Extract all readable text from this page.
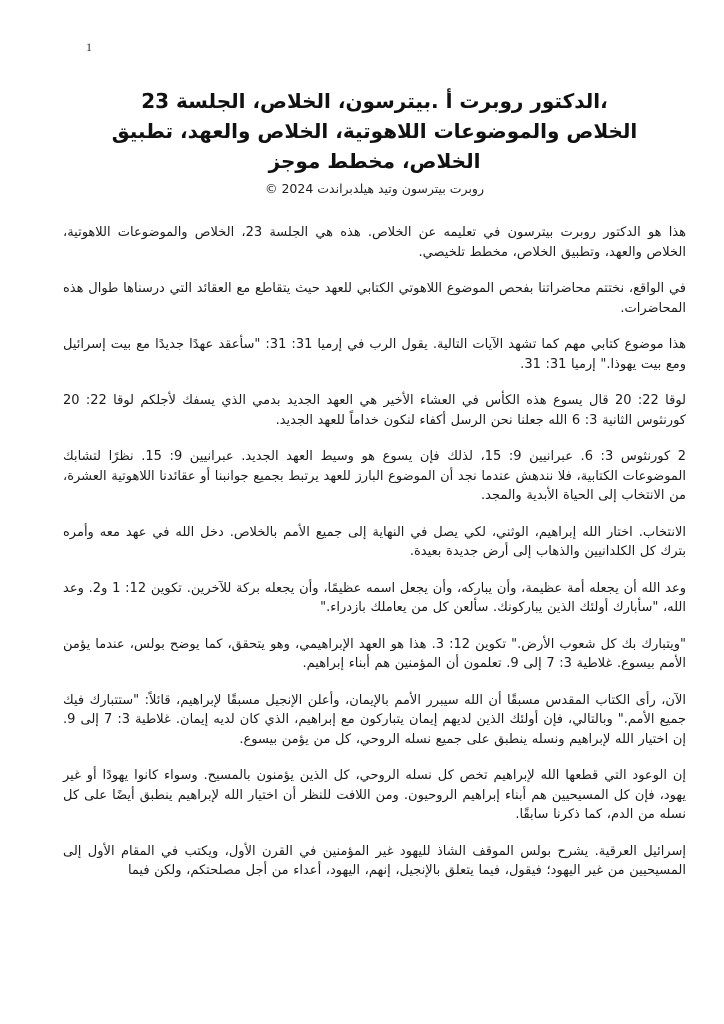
1
،الدكتور روبرت أ .بيترسون، الخلاص، الجلسة 23
الخلاص والموضوعات اللاهوتية، الخلاص والعهد، تطبيق
الخلاص، مخطط موجز
روبرت بيترسون وتيد هيلدبراندت 2024 ©

هذا هو الدكتور روبرت بيترسون في تعليمه عن الخلاص. هذه هي الجلسة 23، الخلاص والموضوعات اللاهوتية، الخلاص والعهد، وتطبيق الخلاص، مخطط تلخيصي.

في الواقع، نختتم محاضراتنا بفحص الموضوع اللاهوتي الكتابي للعهد حيث يتقاطع مع العقائد التي درسناها طوال هذه المحاضرات.

هذا موضوع كتابي مهم كما تشهد الآيات التالية. يقول الرب في إرميا 31: 31: "سأعقد عهدًا جديدًا مع بيت إسرائيل ومع بيت يهوذا." إرميا 31: 31.

لوقا 22: 20 قال يسوع هذه الكأس في العشاء الأخير هي العهد الجديد بدمي الذي يسفك لأجلكم لوقا 22: 20 كورنثوس الثانية 3: 6 الله جعلنا نحن الرسل أكفاء لنكون خداماً للعهد الجديد.

2 كورنثوس 3: 6. عبرانيين 9: 15، لذلك فإن يسوع هو وسيط العهد الجديد. عبرانيين 9: 15. نظرًا لتشابك الموضوعات الكتابية، فلا نندهش عندما نجد أن الموضوع البارز للعهد يرتبط بجميع جوانبنا أو عقائدنا اللاهوتية العشرة، من الانتخاب إلى الحياة الأبدية والمجد.

الانتخاب. اختار الله إبراهيم، الوثني، لكي يصل في النهاية إلى جميع الأمم بالخلاص. دخل الله في عهد معه وأمره بترك كل الكلدانيين والذهاب إلى أرض جديدة بعيدة.

وعد الله أن يجعله أمة عظيمة، وأن يباركه، وأن يجعل اسمه عظيمًا، وأن يجعله بركة للآخرين. تكوين 12: 1 و2. وعد الله، "سأبارك أولئك الذين يباركونك. سألعن كل من يعاملك بازدراء."

"ويتبارك بك كل شعوب الأرض." تكوين 12: 3. هذا هو العهد الإبراهيمي، وهو يتحقق، كما يوضح بولس، عندما يؤمن الأمم بيسوع. غلاطية 3: 7 إلى 9. تعلمون أن المؤمنين هم أبناء إبراهيم.

الآن، رأى الكتاب المقدس مسبقًا أن الله سيبرر الأمم بالإيمان، وأعلن الإنجيل مسبقًا لإبراهيم، قائلاً: "ستتبارك فيك جميع الأمم." وبالتالي، فإن أولئك الذين لديهم إيمان يتباركون مع إبراهيم، الذي كان لديه إيمان. غلاطية 3: 7 إلى 9. إن اختيار الله لإبراهيم ونسله ينطبق على جميع نسله الروحي، كل من يؤمن بيسوع.

إن الوعود التي قطعها الله لإبراهيم تخص كل نسله الروحي، كل الذين يؤمنون بالمسيح. وسواء كانوا يهودًا أو غير يهود، فإن كل المسيحيين هم أبناء إبراهيم الروحيون. ومن اللافت للنظر أن اختيار الله لإبراهيم ينطبق أيضًا على كل نسله من الدم، كما ذكرنا سابقًا.

إسرائيل العرقية. يشرح بولس الموقف الشاذ لليهود غير المؤمنين في القرن الأول، ويكتب في المقام الأول إلى المسيحيين من غير اليهود؛ فيقول، فيما يتعلق بالإنجيل، إنهم، اليهود، أعداء من أجل مصلحتكم، ولكن فيما
